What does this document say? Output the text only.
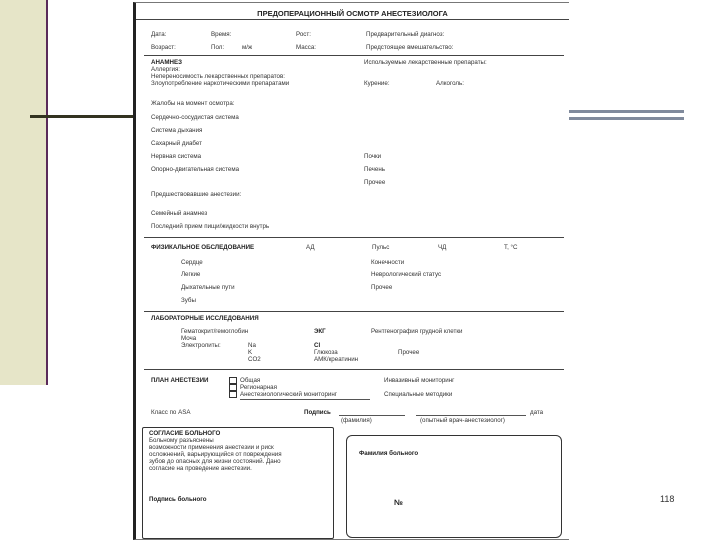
ПРЕДОПЕРАЦИОННЫЙ ОСМОТР АНЕСТЕЗИОЛОГА
Дата:	Время:	Рост:	Предварительный диагноз:
Возраст:	Пол:	м/ж	Масса:	Предстоящее вмешательство:
АНАМНЕЗ
Аллергия:
Непереносимость лекарственных препаратов:
Злоупотребление наркотическими препаратами
Используемые лекарственные препараты:
Курение:	Алкоголь:
Жалобы на момент осмотра:
Сердечно-сосудистая система
Система дыхания
Сахарный диабет
Нервная система	Почки
Опорно-двигательная система	Печень
Прочее
Предшествовавшие анестезии:
Семейный анамнез
Последний прием пищи/жидкости внутрь
ФИЗИКАЛЬНОЕ ОБСЛЕДОВАНИЕ	АД	Пульс	ЧД	Т, °С
Сердце	Конечности
Легкие	Неврологический статус
Дыхательные пути	Прочее
Зубы
ЛАБОРАТОРНЫЕ ИССЛЕДОВАНИЯ
Гематокрит/гемоглобин	ЭКГ	Рентгенография грудной клетки
Моча
Электролиты:	Na	Cl
K	Глюкоза	Прочее
CO2	АМК/креатинин
ПЛАН АНЕСТЕЗИИ	Общая
Регионарная
Анестезиологический мониторинг
Инвазивный мониторинг
Специальные методики
Класс по ASA	Подпись	дата
(фамилия)	(опытный врач-анестезиолог)
СОГЛАСИЕ БОЛЬНОГО
Больному разъяснены
возможности применения анестезии и риск
осложнений, варьирующийся от повреждения
зубов до опасных для жизни состояний. Дано
согласие на проведение анестезии.
Подпись больного
Фамилия больного
№	118
